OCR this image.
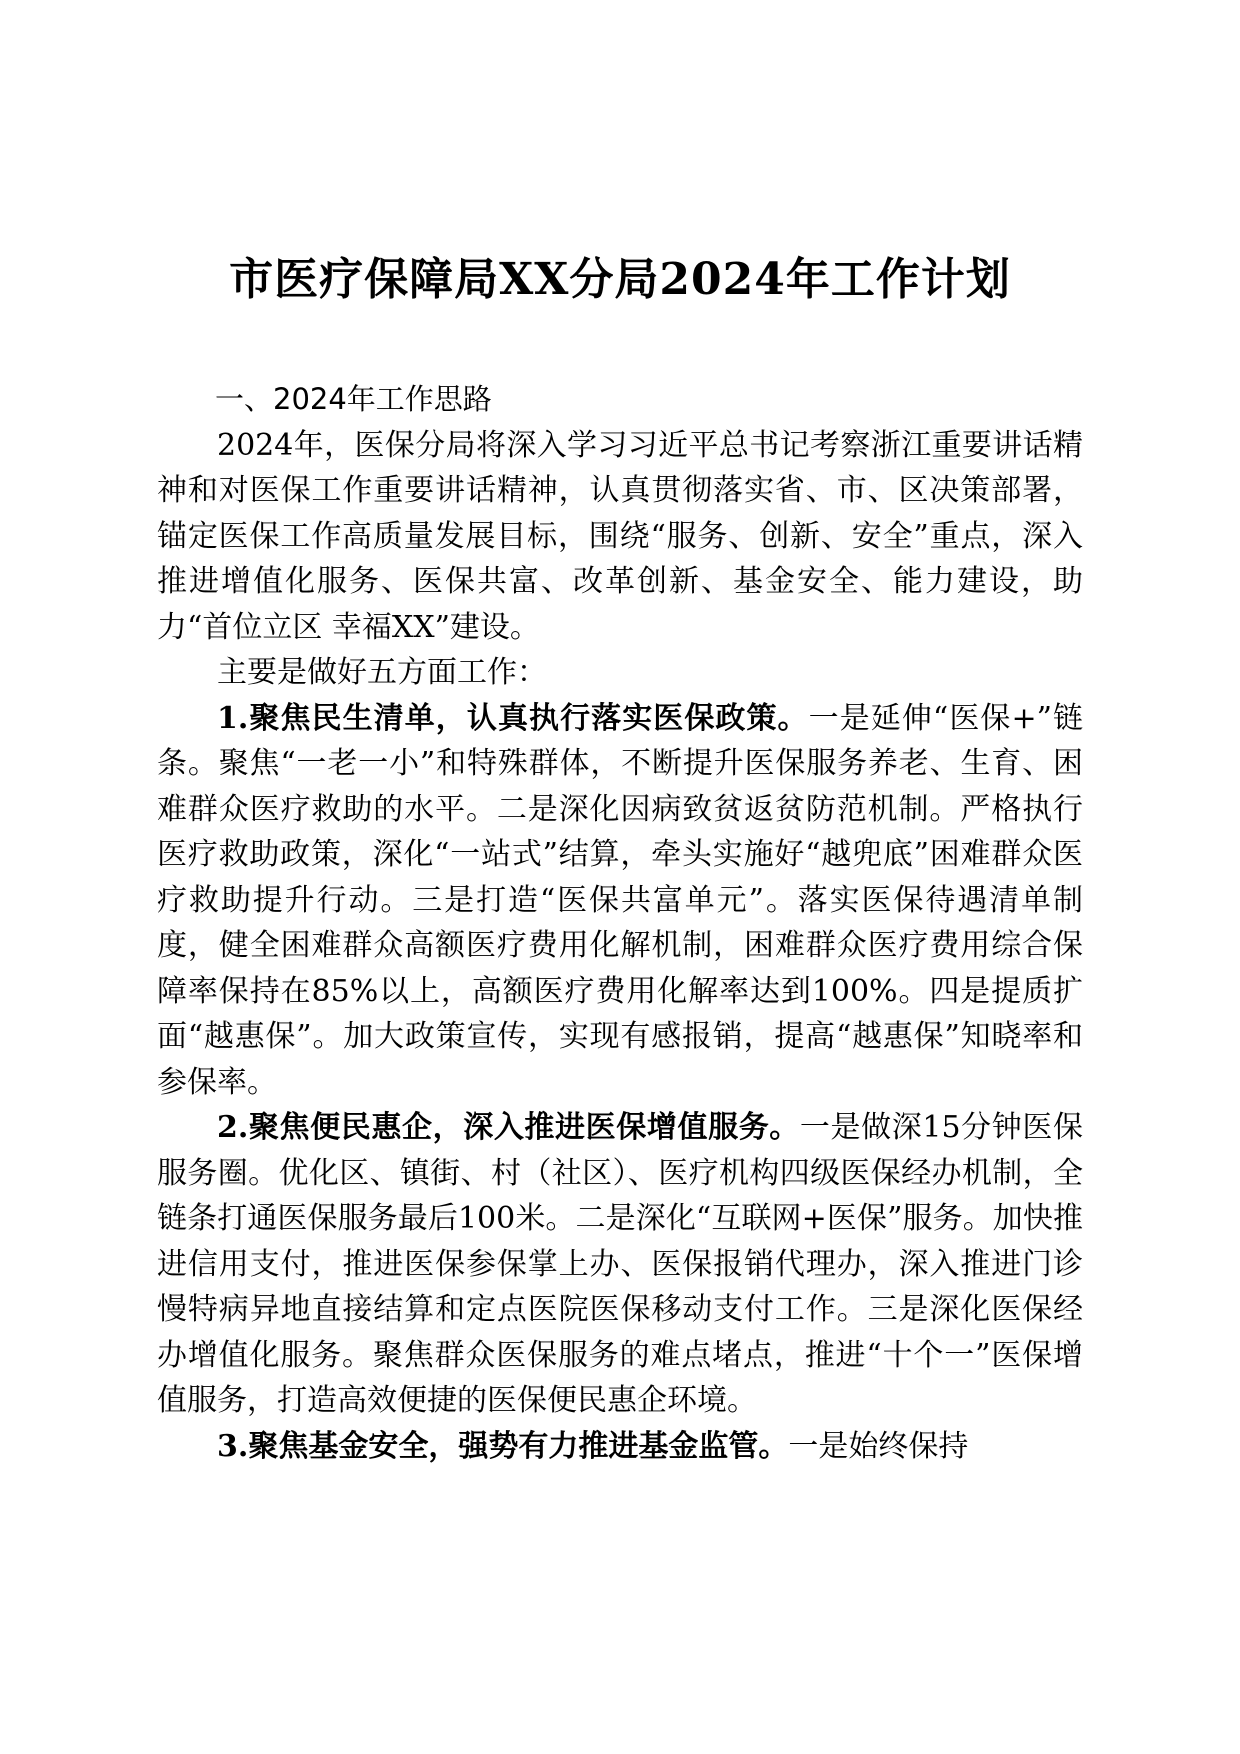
市医疗保障局XX分局2024年工作计划

一、2024年工作思路

2024年，医保分局将深入学习习近平总书记考察浙江重要讲话精神和对医保工作重要讲话精神，认真贯彻落实省、市、区决策部署，锚定医保工作高质量发展目标，围绕“服务、创新、安全”重点，深入推进增值化服务、医保共富、改革创新、基金安全、能力建设，助力“首位立区 幸福XX”建设。

主要是做好五方面工作：

1.聚焦民生清单，认真执行落实医保政策。一是延伸“医保+”链条。聚焦“一老一小”和特殊群体，不断提升医保服务养老、生育、困难群众医疗救助的水平。二是深化因病致贫返贫防范机制。严格执行医疗救助政策，深化“一站式”结算，牵头实施好“越兜底”困难群众医疗救助提升行动。三是打造“医保共富单元”。落实医保待遇清单制度，健全困难群众高额医疗费用化解机制，困难群众医疗费用综合保障率保持在85%以上，高额医疗费用化解率达到100%。四是提质扩面“越惠保”。加大政策宣传，实现有感报销，提高“越惠保”知晓率和参保率。

2.聚焦便民惠企，深入推进医保增值服务。一是做深15分钟医保服务圈。优化区、镇街、村（社区）、医疗机构四级医保经办机制，全链条打通医保服务最后100米。二是深化“互联网+医保”服务。加快推进信用支付，推进医保参保掌上办、医保报销代理办，深入推进门诊慢特病异地直接结算和定点医院医保移动支付工作。三是深化医保经办增值化服务。聚焦群众医保服务的难点堵点，推进“十个一”医保增值服务，打造高效便捷的医保便民惠企环境。

3.聚焦基金安全，强势有力推进基金监管。一是始终保持
